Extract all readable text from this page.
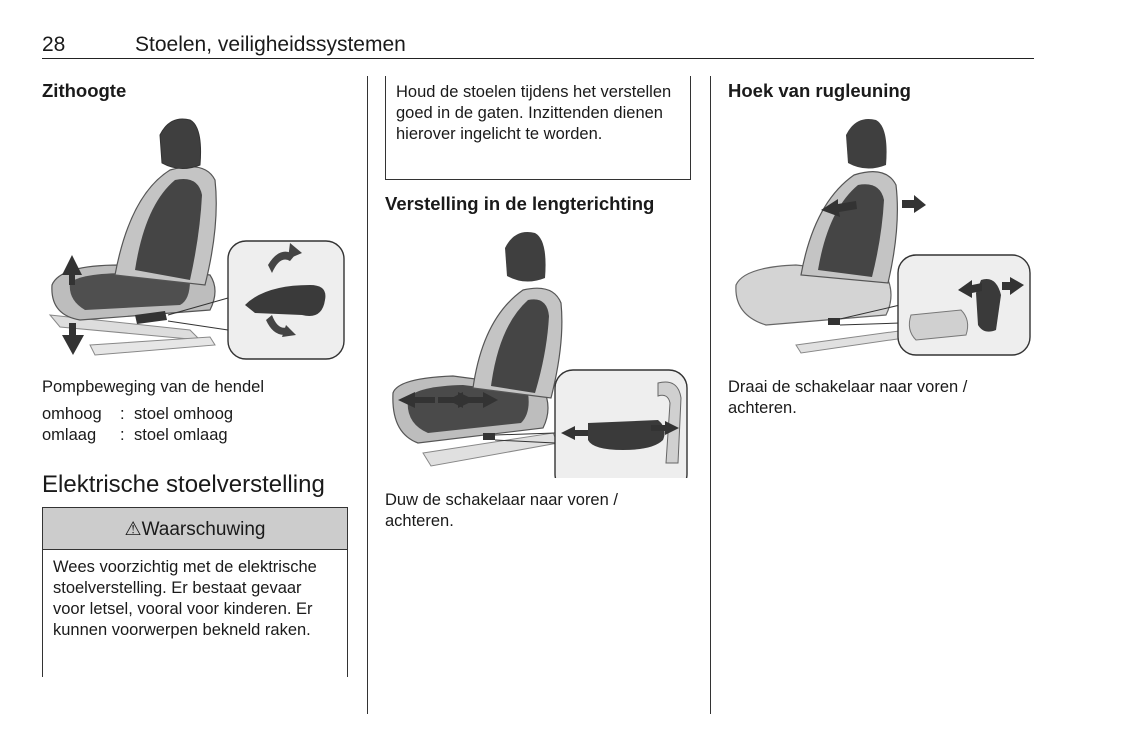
28	Stoelen, veiligheidssystemen
Zithoogte
Pompbeweging van de hendel
omhoog	: stoel omhoog
omlaag	: stoel omlaag
Elektrische stoelverstelling
⚠Waarschuwing
Wees voorzichtig met de elektrische stoelverstelling. Er bestaat gevaar voor letsel, vooral voor kinderen. Er kunnen voorwerpen bekneld raken.
Houd de stoelen tijdens het verstellen goed in de gaten. Inzittenden dienen hierover ingelicht te worden.
Verstelling in de lengterichting
Duw de schakelaar naar voren / achteren.
Hoek van rugleuning
Draai de schakelaar naar voren / achteren.
